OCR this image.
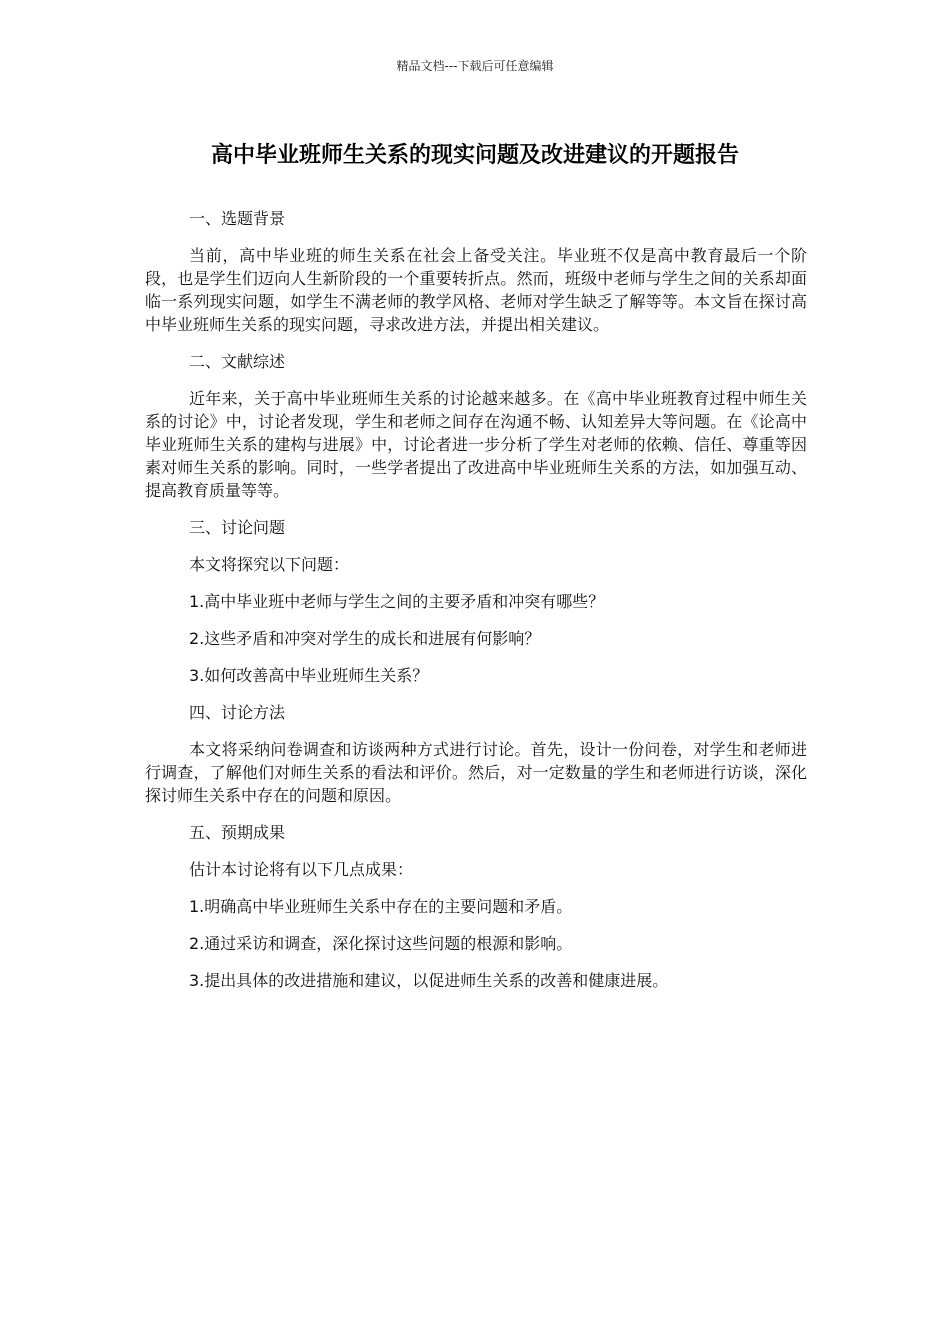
精品文档---下载后可任意编辑
高中毕业班师生关系的现实问题及改进建议的开题报告

一、选题背景

当前，高中毕业班的师生关系在社会上备受关注。毕业班不仅是高中教育最后一个阶段，也是学生们迈向人生新阶段的一个重要转折点。然而，班级中老师与学生之间的关系却面临一系列现实问题，如学生不满老师的教学风格、老师对学生缺乏了解等等。本文旨在探讨高中毕业班师生关系的现实问题，寻求改进方法，并提出相关建议。

二、文献综述

近年来，关于高中毕业班师生关系的讨论越来越多。在《高中毕业班教育过程中师生关系的讨论》中，讨论者发现，学生和老师之间存在沟通不畅、认知差异大等问题。在《论高中毕业班师生关系的建构与进展》中，讨论者进一步分析了学生对老师的依赖、信任、尊重等因素对师生关系的影响。同时，一些学者提出了改进高中毕业班师生关系的方法，如加强互动、提高教育质量等等。

三、讨论问题

本文将探究以下问题：

1.高中毕业班中老师与学生之间的主要矛盾和冲突有哪些？

2.这些矛盾和冲突对学生的成长和进展有何影响？

3.如何改善高中毕业班师生关系？

四、讨论方法

本文将采纳问卷调查和访谈两种方式进行讨论。首先，设计一份问卷，对学生和老师进行调查，了解他们对师生关系的看法和评价。然后，对一定数量的学生和老师进行访谈，深化探讨师生关系中存在的问题和原因。

五、预期成果

估计本讨论将有以下几点成果：

1.明确高中毕业班师生关系中存在的主要问题和矛盾。

2.通过采访和调查，深化探讨这些问题的根源和影响。

3.提出具体的改进措施和建议，以促进师生关系的改善和健康进展。
